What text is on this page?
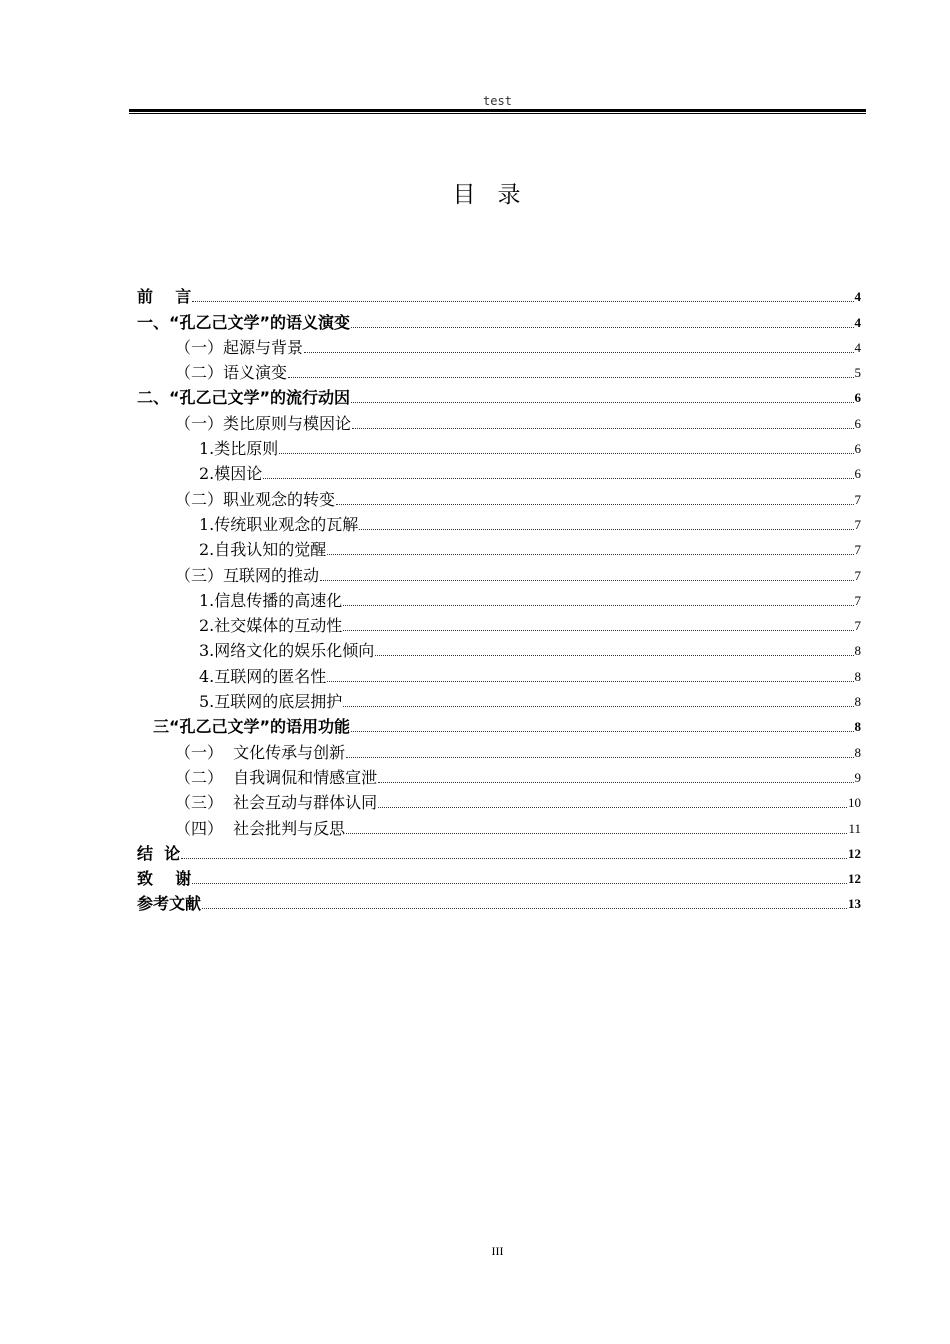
test
目录
前    言	4
一、“孔乙己文学”的语义演变	4
（一）起源与背景	4
（二）语义演变	5
二、“孔乙己文学”的流行动因	6
（一）类比原则与模因论	6
1.类比原则	6
2.模因论	6
（二）职业观念的转变	7
1.传统职业观念的瓦解	7
2.自我认知的觉醒	7
（三）互联网的推动	7
1.信息传播的高速化	7
2.社交媒体的互动性	7
3.网络文化的娱乐化倾向	8
4.互联网的匿名性	8
5.互联网的底层拥护	8
三“孔乙己文学”的语用功能	8
（一）  文化传承与创新	8
（二）  自我调侃和情感宣泄	9
（三）  社会互动与群体认同	10
（四）  社会批判与反思	11
结  论	12
致    谢	12
参考文献	13
III
